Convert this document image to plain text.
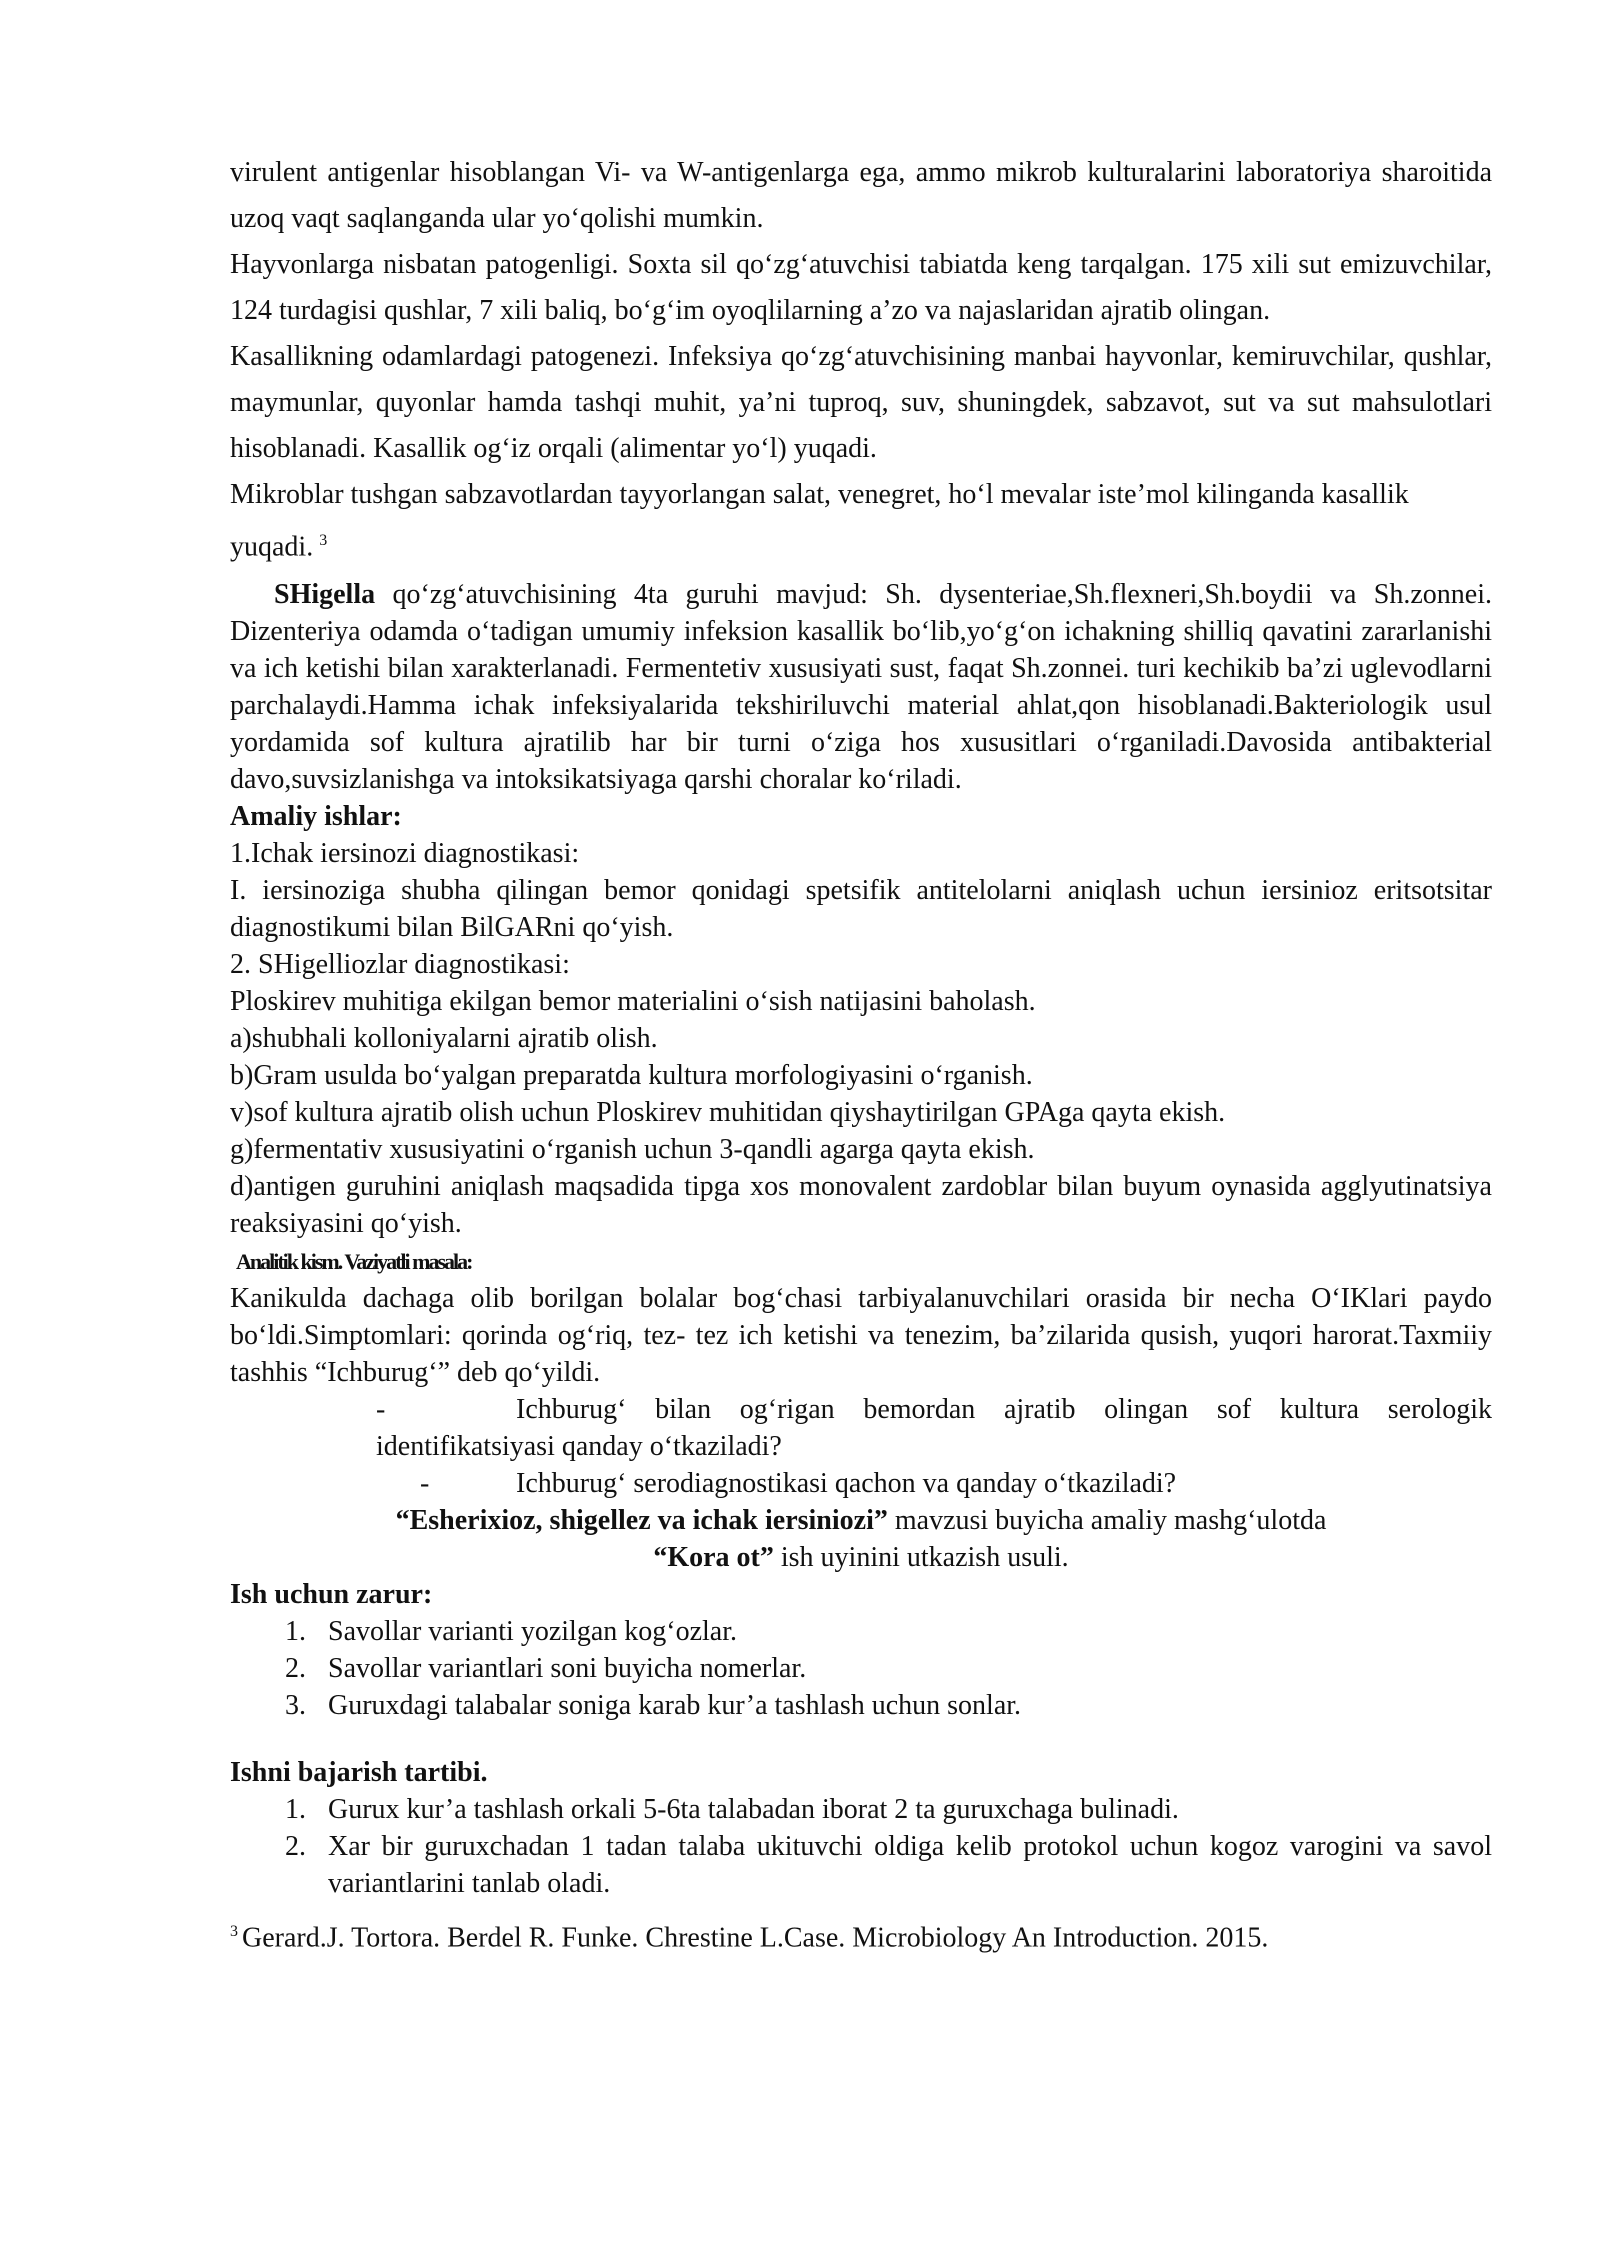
virulent antigenlar hisoblangan Vi- va W-antigenlarga ega, ammo mikrob kulturalarini laboratoriya sharoitida uzoq vaqt saqlanganda ular yo‘qolishi mumkin.

Hayvonlarga nisbatan patogenligi. Soxta sil qo‘zg‘atuvchisi tabiatda keng tarqalgan. 175 xili sut emizuvchilar, 124 turdagisi qushlar, 7 xili baliq, bo‘g‘im oyoqlilarning a’zo va najaslaridan ajratib olingan.

Kasallikning odamlardagi patogenezi. Infeksiya qo‘zg‘atuvchisining manbai hayvonlar, kemiruvchilar, qushlar, maymunlar, quyonlar hamda tashqi muhit, ya’ni tuproq, suv, shuningdek, sabzavot, sut va sut mahsulotlari hisoblanadi. Kasallik og‘iz orqali (alimentar yo‘l) yuqadi.

Mikroblar tushgan sabzavotlardan tayyorlangan salat, venegret, ho‘l mevalar iste’mol kilinganda kasallik yuqadi. $^3$

SHigella qo‘zg‘atuvchisining 4ta guruhi mavjud: Sh. dysenteriae,Sh.flexneri,Sh.boydii va Sh.zonnei. Dizenteriya odamda o‘tadigan umumiy infeksion kasallik bo‘lib,yo‘g‘on ichakning shilliq qavatini zararlanishi va ich ketishi bilan xarakterlanadi. Fermentetiv xususiyati sust, faqat Sh.zonnei. turi kechikib ba’zi uglevodlarni parchalaydi.Hamma ichak infeksiyalarida tekshiriluvchi material ahlat,qon hisoblanadi.Bakteriologik usul yordamida sof kultura ajratilib har bir turni o‘ziga hos xususitlari o‘rganiladi.Davosida antibakterial davo,suvsizlanishga va intoksikatsiyaga qarshi choralar ko‘riladi.

Amaliy ishlar:

1.Ichak iersinozi diagnostikasi:

I. iersinoziga shubha qilingan bemor qonidagi spetsifik antitelolarni aniqlash uchun iersinioz eritsotsitar diagnostikumi bilan BilGARni qo‘yish.

2. SHigelliozlar diagnostikasi:

Ploskirev muhitiga ekilgan bemor materialini o‘sish natijasini baholash.

a)shubhali kolloniyalarni ajratib olish.

b)Gram usulda bo‘yalgan preparatda kultura morfologiyasini o‘rganish.

v)sof kultura ajratib olish uchun Ploskirev muhitidan qiyshaytirilgan GPAga qayta ekish.

g)fermentativ xususiyatini o‘rganish uchun 3-qandli agarga qayta ekish.

d)antigen guruhini aniqlash maqsadida tipga xos monovalent zardoblar bilan buyum oynasida agglyutinatsiya reaksiyasini qo‘yish.

Analitik kism. Vaziyatli masala:

Kanikulda dachaga olib borilgan bolalar bog‘chasi tarbiyalanuvchilari orasida bir necha O‘IKlari paydo bo‘ldi.Simptomlari: qorinda og‘riq, tez- tez ich ketishi va tenezim, ba’zilarida qusish, yuqori harorat.Taxmiiy tashhis “Ichburug‘” deb qo‘yildi.

-	Ichburug‘ bilan og‘rigan bemordan ajratib olingan sof kultura serologik identifikatsiyasi qanday o‘tkaziladi?

-	Ichburug‘ serodiagnostikasi qachon va qanday o‘tkaziladi?

“Esherixioz, shigellez va ichak iersiniozi” mavzusi buyicha amaliy mashg‘ulotda

“Kora ot” ish uyinini utkazish usuli.

Ish uchun zarur:

1. Savollar varianti yozilgan kog‘ozlar.
2. Savollar variantlari soni buyicha nomerlar.
3. Guruxdagi talabalar soniga karab kur’a tashlash uchun sonlar.

Ishni bajarish tartibi.

1. Gurux kur’a tashlash orkali 5-6ta talabadan iborat 2 ta guruxchaga bulinadi.
2. Xar bir guruxchadan 1 tadan talaba ukituvchi oldiga kelib protokol uchun kogoz varogini va savol variantlarini tanlab oladi.

$^3$ Gerard.J. Tortora. Berdel R. Funke. Chrestine L.Case. Microbiology An Introduction. 2015.
